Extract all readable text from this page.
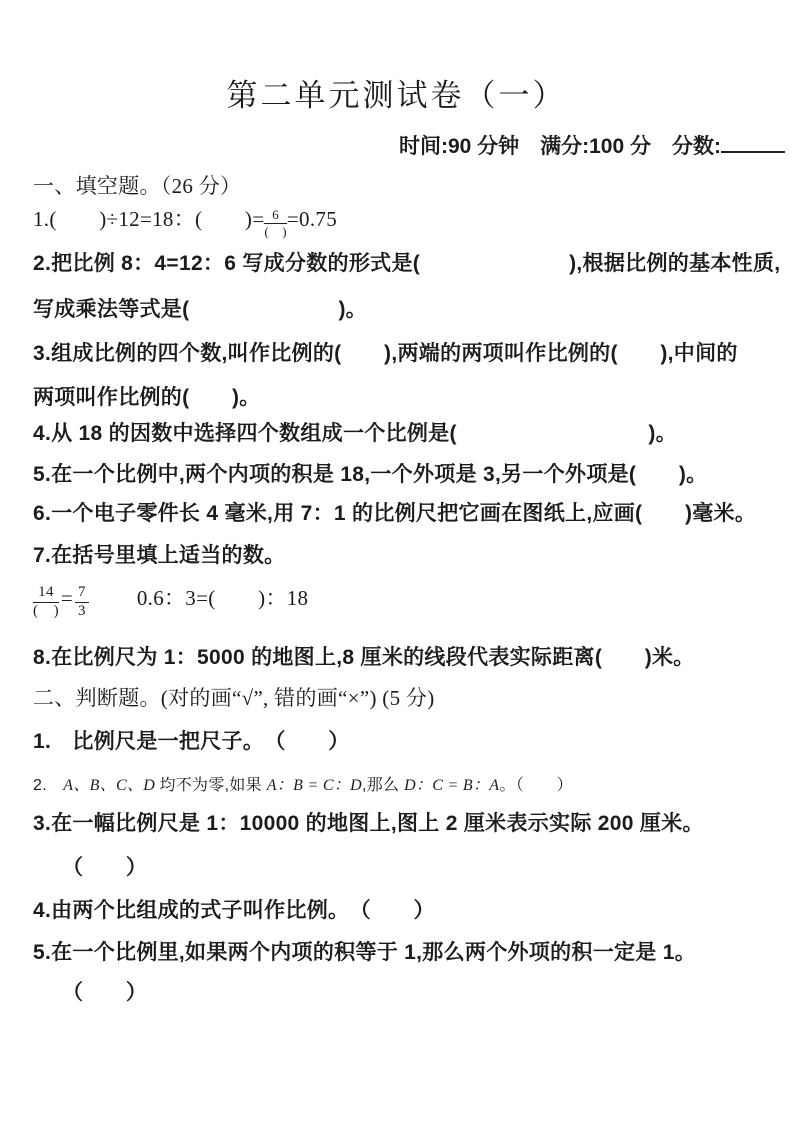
第二单元测试卷（一）
时间:90 分钟　满分:100 分　分数:
一、填空题。（26 分）
1.(　　)÷12=18：(　　)= $\frac{6}{( )} =0.75$
2.把比例 8：4=12：6 写成分数的形式是(　　　　　　　),根据比例的基本性质,
写成乘法等式是(　　　　　　　)。
3.组成比例的四个数,叫作比例的(　　),两端的两项叫作比例的(　　),中间的
两项叫作比例的(　　)。
4.从 18 的因数中选择四个数组成一个比例是(　　　　　　　　　)。
5.在一个比例中,两个内项的积是 18,一个外项是 3,另一个外项是(　　)。
6.一个电子零件长 4 毫米,用 7：1 的比例尺把它画在图纸上,应画(　　)毫米。
7.在括号里填上适当的数。
$\frac{14}{( )} = \frac{7}{3} 0.6$：3=(　　)：18
8.在比例尺为 1：5000 的地图上,8 厘米的线段代表实际距离(　　)米。
二、判断题。(对的画“√”, 错的画“×”) (5 分)
1.　比例尺是一把尺子。　（　　）
2.　A、B、C、D 均不为零,如果 A：B = C：D,那么 D：C = B：A。（　　）
3.在一幅比例尺是 1：10000 的地图上,图上 2 厘米表示实际 200 厘米。
（　　）
4.由两个比组成的式子叫作比例。　（　　）
5.在一个比例里,如果两个内项的积等于 1,那么两个外项的积一定是 1。
（　　）
